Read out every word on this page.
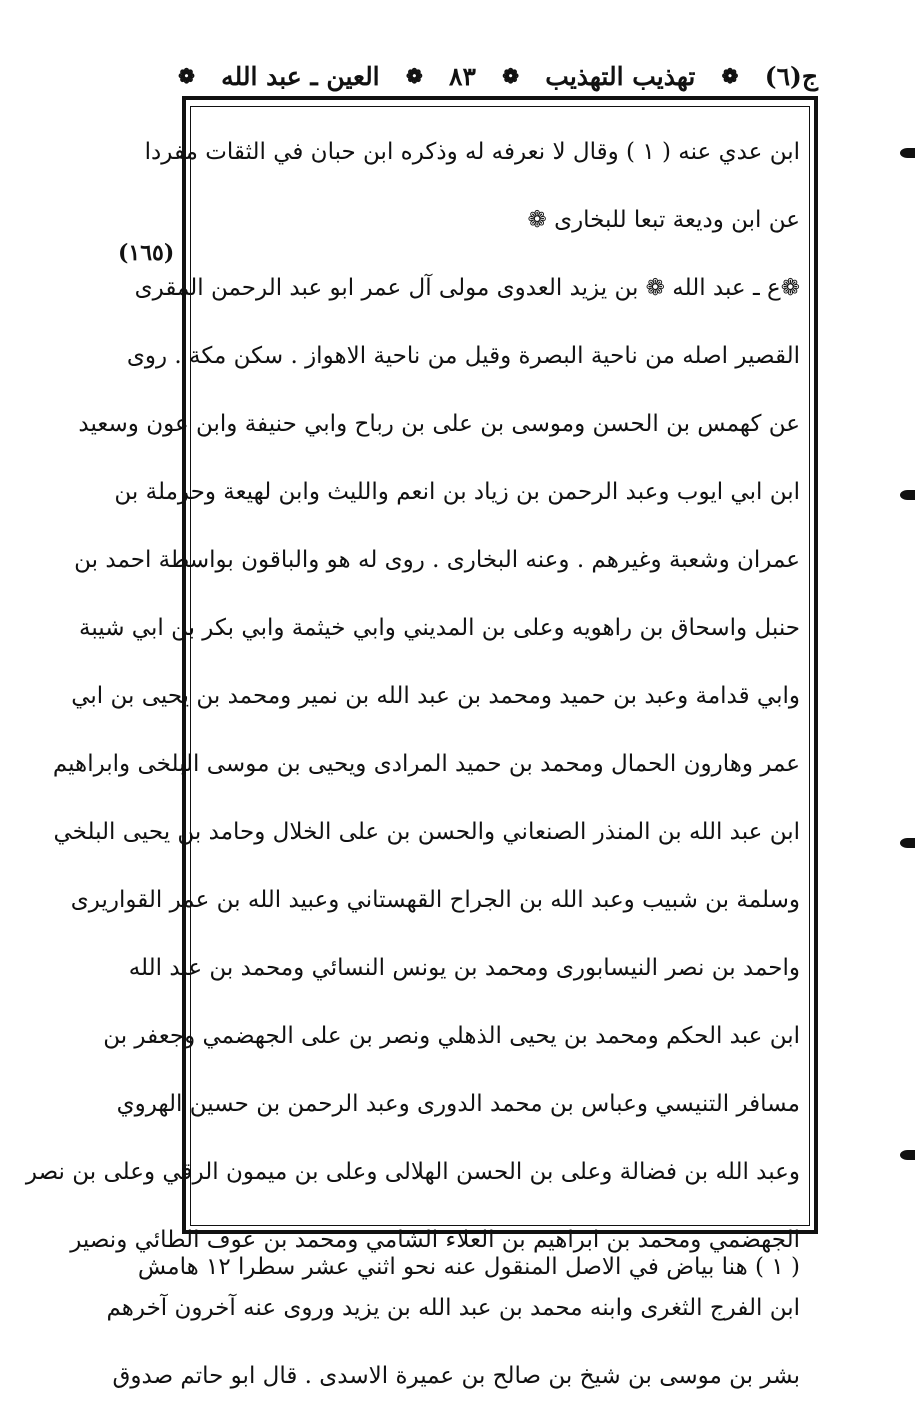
ج(٦)
❁
تهذيب التهذيب
❁
٨٣
❁
العين ـ عبد الله
❁
(١٦٥)
ابن عدي عنه ( ١ ) وقال لا نعرفه له وذكره ابن حبان في الثقات مفردا
عن ابن وديعة تبعا للبخارى ❁
❁ع ـ عبد الله ❁ بن يزيد العدوى مولى آل عمر ابو عبد الرحمن المقرى
القصير اصله من ناحية البصرة وقيل من ناحية الاهواز . سكن مكة . روى
عن كهمس بن الحسن وموسى بن على بن رباح وابي حنيفة وابن عون وسعيد
ابن ابي ايوب وعبد الرحمن بن زياد بن انعم والليث وابن لهيعة وحرملة بن
عمران وشعبة وغيرهم . وعنه البخارى . روى له هو والباقون بواسطة احمد بن
حنبل واسحاق بن راهويه وعلى بن المديني وابي خيثمة وابي بكر بن ابي شيبة
وابي قدامة وعبد بن حميد ومحمد بن عبد الله بن نمير ومحمد بن يحيى بن ابي
عمر وهارون الحمال ومحمد بن حميد المرادى ويحيى بن موسى البلخى وابراهيم
ابن عبد الله بن المنذر الصنعاني والحسن بن على الخلال وحامد بن يحيى البلخي
وسلمة بن شبيب وعبد الله بن الجراح القهستاني وعبيد الله بن عمر القواريرى
واحمد بن نصر النيسابورى ومحمد بن يونس النسائي ومحمد بن عبد الله
ابن عبد الحكم ومحمد بن يحيى الذهلي ونصر بن على الجهضمي وجعفر بن
مسافر التنيسي وعباس بن محمد الدورى وعبد الرحمن بن حسين الهروي
وعبد الله بن فضالة وعلى بن الحسن الهلالى وعلى بن ميمون الرقي وعلى بن نصر
الجهضمي ومحمد بن ابراهيم بن العلاء الشامي ومحمد بن عوف الطائي ونصير
ابن الفرج الثغرى وابنه محمد بن عبد الله بن يزيد وروى عنه آخرون آخرهم
بشر بن موسى بن شيخ بن صالح بن عميرة الاسدى . قال ابو حاتم صدوق
( ١ ) هنا بياض في الاصل المنقول عنه نحو اثني عشر سطرا ١٢ هامش
